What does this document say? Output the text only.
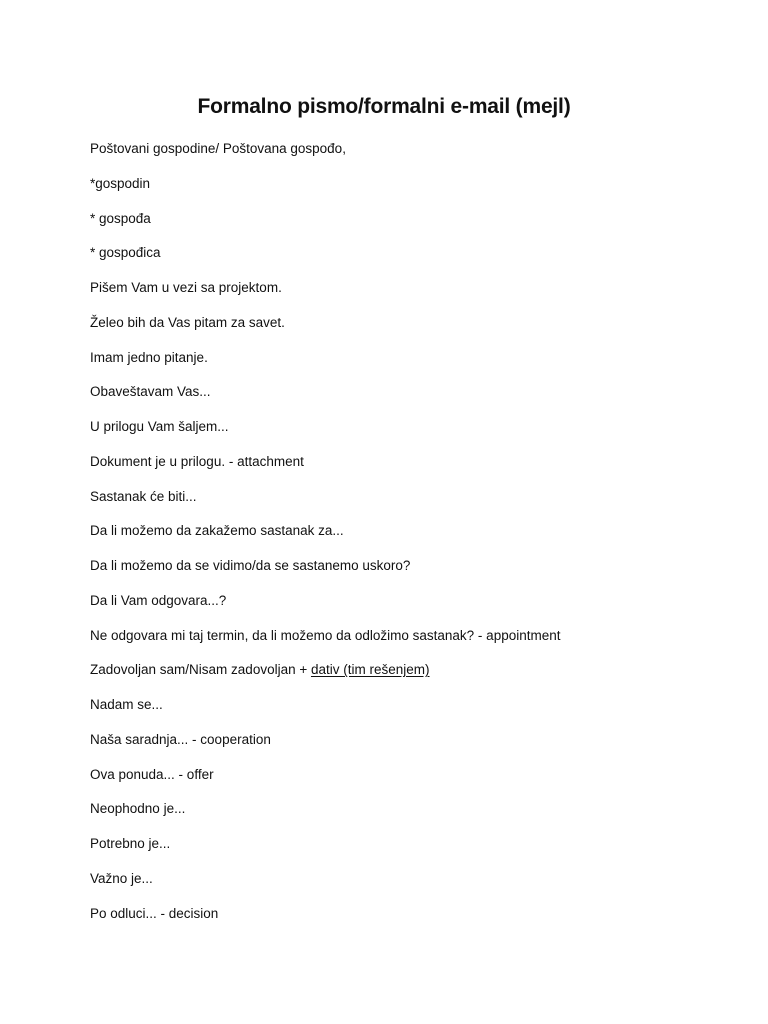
Formalno pismo/formalni e-mail (mejl)
Poštovani gospodine/ Poštovana gospođo,
*gospodin
* gospođa
* gospođica
Pišem Vam u vezi sa projektom.
Želeo bih da Vas pitam za savet.
Imam jedno pitanje.
Obaveštavam Vas...
U prilogu Vam šaljem...
Dokument je u prilogu. - attachment
Sastanak će biti...
Da li možemo da zakažemo sastanak za...
Da li možemo da se vidimo/da se sastanemo uskoro?
Da li Vam odgovara...?
Ne odgovara mi taj termin, da li možemo da odložimo sastanak? - appointment
Zadovoljan sam/Nisam zadovoljan + dativ (tim rešenjem)
Nadam se...
Naša saradnja... - cooperation
Ova ponuda... - offer
Neophodno je...
Potrebno je...
Važno je...
Po odluci... - decision
